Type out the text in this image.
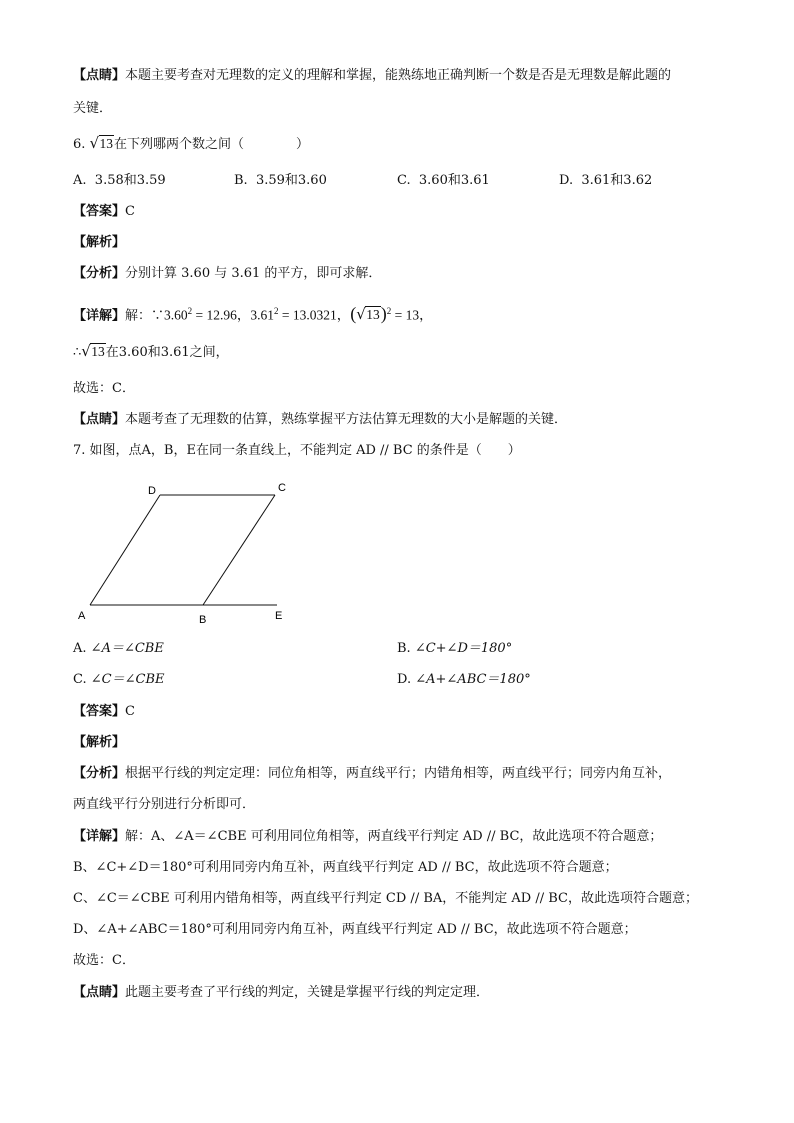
【点睛】本题主要考查对无理数的定义的理解和掌握，能熟练地正确判断一个数是否是无理数是解此题的
关键．
6. √ 13在下列哪两个数之间（　　　　）
A. 3.58和3.59	B. 3.59和3.60	C. 3.60和3.61	D. 3.61和3.62
【答案】C
【解析】
【分析】分别计算 3.60 与 3.61 的平方，即可求解．
【详解】解：$\because 3.60^2 = 12.96$，$3.61^2 = 13.0321$，( √ 13)$^2$ = 13，
∴ √ 13在3.60和3.61之间，
故选：C．
【点睛】本题考查了无理数的估算，熟练掌握平方法估算无理数的大小是解题的关键．
7. 如图，点A，B，E在同一条直线上，不能判定 AD // BC 的条件是（　　）
A	B
C
D
E
A. ∠A＝∠CBE	B. ∠C+∠D＝180°
C. ∠C＝∠CBE	D. ∠A+∠ABC＝180°
【答案】C
【解析】
【分析】根据平行线的判定定理：同位角相等，两直线平行；内错角相等，两直线平行；同旁内角互补，
两直线平行分别进行分析即可．
【详解】解：A、∠A＝∠CBE 可利用同位角相等，两直线平行判定 AD // BC，故此选项不符合题意；
B、∠C+∠D＝180°可利用同旁内角互补，两直线平行判定 AD // BC，故此选项不符合题意；
C、∠C＝∠CBE 可利用内错角相等，两直线平行判定 CD // BA，不能判定 AD // BC，故此选项符合题意；
D、∠A+∠ABC＝180°可利用同旁内角互补，两直线平行判定 AD // BC，故此选项不符合题意；
故选：C．
【点睛】此题主要考查了平行线的判定，关键是掌握平行线的判定定理．
